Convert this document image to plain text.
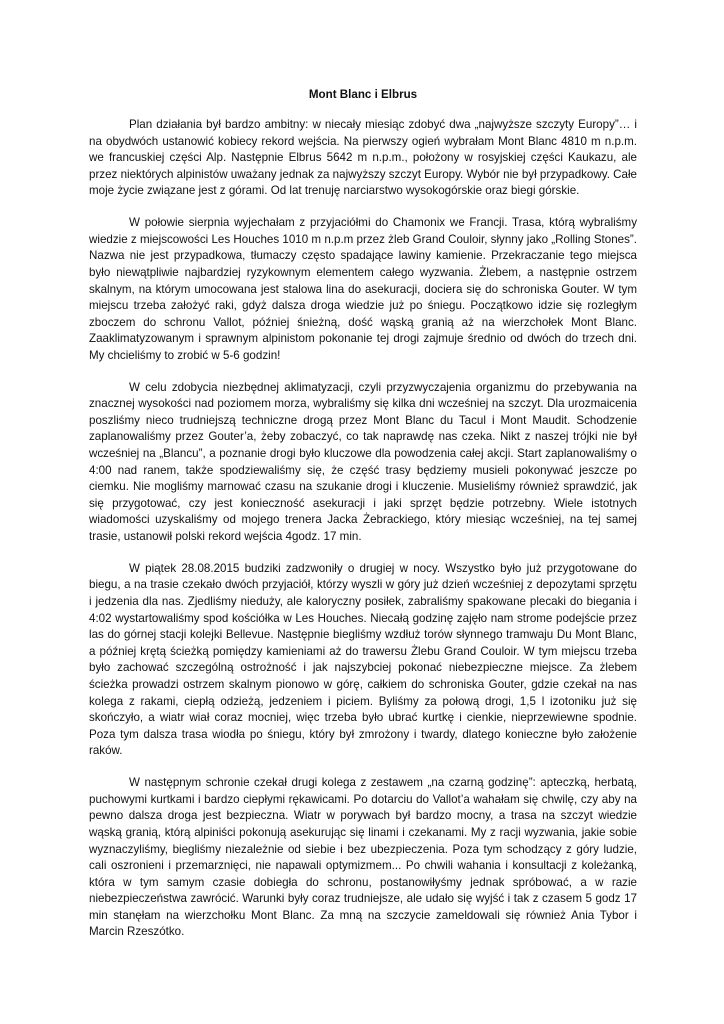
Mont Blanc i Elbrus

Plan działania był bardzo ambitny: w niecały miesiąc zdobyć dwa „najwyższe szczyty Europy”… i na obydwóch ustanowić kobiecy rekord wejścia. Na pierwszy ogień wybrałam Mont Blanc 4810 m n.p.m. we francuskiej części Alp. Następnie Elbrus 5642 m n.p.m., położony w rosyjskiej części Kaukazu, ale przez niektórych alpinistów uważany jednak za najwyższy szczyt Europy. Wybór nie był przypadkowy. Całe moje życie związane jest z górami. Od lat trenuję narciarstwo wysokogórskie oraz biegi górskie.

W połowie sierpnia wyjechałam z przyjaciółmi do Chamonix we Francji. Trasa, którą wybraliśmy wiedzie z miejscowości Les Houches 1010 m n.p.m przez żleb Grand Couloir, słynny jako „Rolling Stones”. Nazwa nie jest przypadkowa, tłumaczy często spadające lawiny kamienie. Przekraczanie tego miejsca było niewątpliwie najbardziej ryzykownym elementem całego wyzwania. Żlebem, a następnie ostrzem skalnym, na którym umocowana jest stalowa lina do asekuracji, dociera się do schroniska Gouter. W tym miejscu trzeba założyć raki, gdyż dalsza droga wiedzie już po śniegu. Początkowo idzie się rozległym zboczem do schronu Vallot, później śnieżną, dość wąską granią aż na wierzchołek Mont Blanc. Zaaklimatyzowanym i sprawnym alpinistom pokonanie tej drogi zajmuje średnio od dwóch do trzech dni. My chcieliśmy to zrobić w 5-6 godzin!

W celu zdobycia niezbędnej aklimatyzacji, czyli przyzwyczajenia organizmu do przebywania na znacznej wysokości nad poziomem morza, wybraliśmy się kilka dni wcześniej na szczyt. Dla urozmaicenia poszliśmy nieco trudniejszą techniczne drogą przez Mont Blanc du Tacul i Mont Maudit. Schodzenie zaplanowaliśmy przez Gouter’a, żeby zobaczyć, co tak naprawdę nas czeka. Nikt z naszej trójki nie był wcześniej na „Blancu”, a poznanie drogi było kluczowe dla powodzenia całej akcji. Start zaplanowaliśmy o 4:00 nad ranem, także spodziewaliśmy się, że część trasy będziemy musieli pokonywać jeszcze po ciemku. Nie mogliśmy marnować czasu na szukanie drogi i kluczenie. Musieliśmy również sprawdzić, jak się przygotować, czy jest konieczność asekuracji i jaki sprzęt będzie potrzebny. Wiele istotnych wiadomości uzyskaliśmy od mojego trenera Jacka Żebrackiego, który miesiąc wcześniej, na tej samej trasie, ustanowił polski rekord wejścia 4godz. 17 min.

W piątek 28.08.2015 budziki zadzwoniły o drugiej w nocy. Wszystko było już przygotowane do biegu, a na trasie czekało dwóch przyjaciół, którzy wyszli w góry już dzień wcześniej z depozytami sprzętu i jedzenia dla nas. Zjedliśmy nieduży, ale kaloryczny posiłek, zabraliśmy spakowane plecaki do biegania i 4:02 wystartowaliśmy spod kościółka w Les Houches. Niecałą godzinę zajęło nam strome podejście przez las do górnej stacji kolejki Bellevue. Następnie biegliśmy wzdłuż torów słynnego tramwaju Du Mont Blanc, a później krętą ścieżką pomiędzy kamieniami aż do trawersu Żlebu Grand Couloir. W tym miejscu trzeba było zachować szczególną ostrożność i jak najszybciej pokonać niebezpieczne miejsce. Za żlebem ścieżka prowadzi ostrzem skalnym pionowo w górę, całkiem do schroniska Gouter, gdzie czekał na nas kolega z rakami, ciepłą odzieżą, jedzeniem i piciem. Byliśmy za połową drogi, 1,5 l izotoniku już się skończyło, a wiatr wiał coraz mocniej, więc trzeba było ubrać kurtkę i cienkie, nieprzewiewne spodnie. Poza tym dalsza trasa wiodła po śniegu, który był zmrożony i twardy, dlatego konieczne było założenie raków.

W następnym schronie czekał drugi kolega z zestawem „na czarną godzinę”: apteczką, herbatą, puchowymi kurtkami i bardzo ciepłymi rękawicami. Po dotarciu do Vallot’a wahałam się chwilę, czy aby na pewno dalsza droga jest bezpieczna. Wiatr w porywach był bardzo mocny, a trasa na szczyt wiedzie wąską granią, którą alpiniści pokonują asekurując się linami i czekanami. My z racji wyzwania, jakie sobie wyznaczyliśmy, biegliśmy niezależnie od siebie i bez ubezpieczenia. Poza tym schodzący z góry ludzie, cali oszronieni i przemarznięci, nie napawali optymizmem... Po chwili wahania i konsultacji z koleżanką, która w tym samym czasie dobiegła do schronu, postanowiłyśmy jednak spróbować, a w razie niebezpieczeństwa zawrócić. Warunki były coraz trudniejsze, ale udało się wyjść i tak z czasem 5 godz 17 min stanęłam na wierzchołku Mont Blanc. Za mną na szczycie zameldowali się również Ania Tybor i Marcin Rzeszótko.
